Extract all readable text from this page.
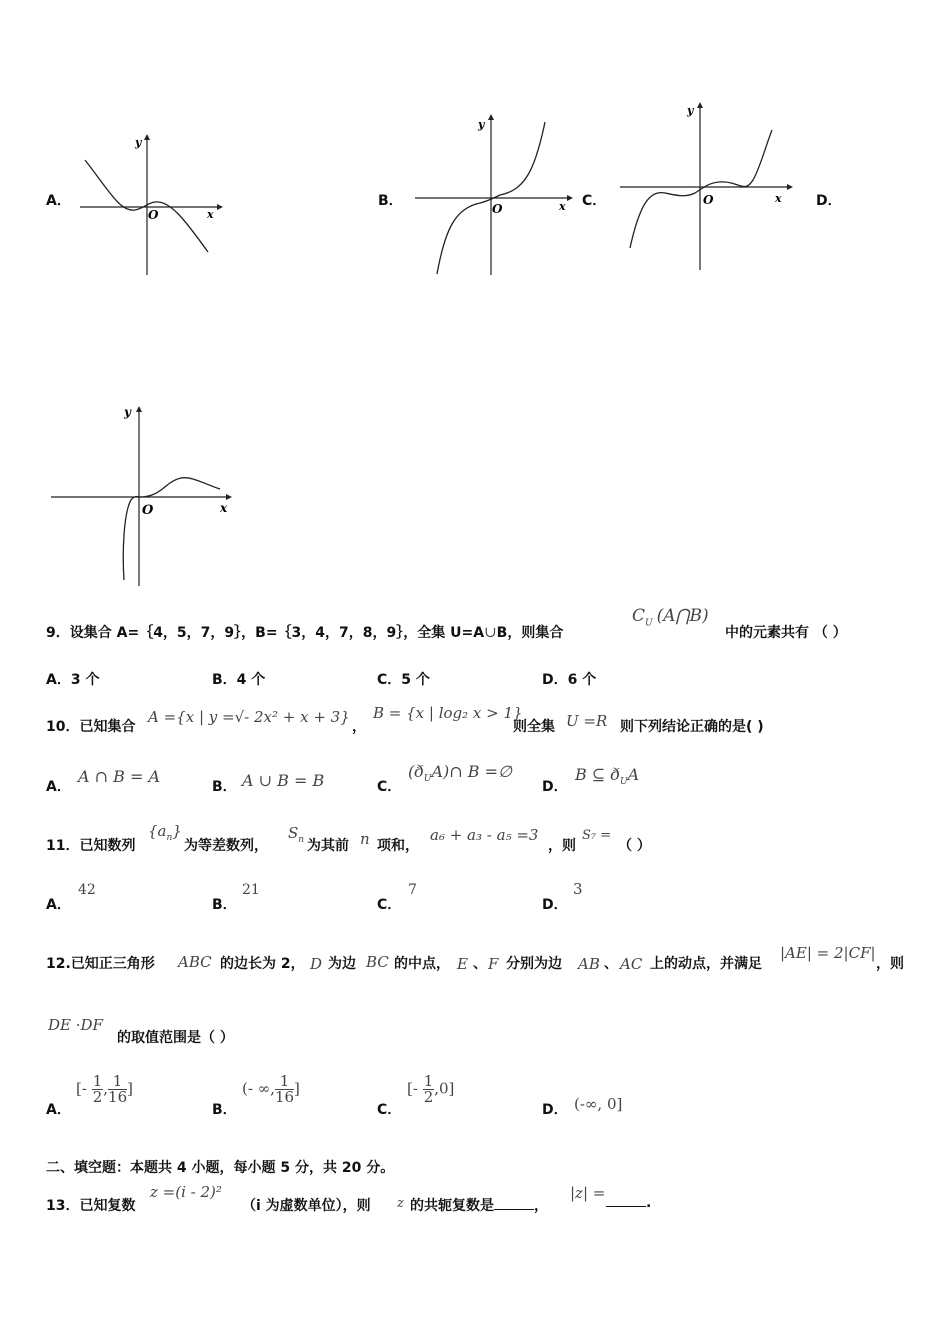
A．
y
x
O
B．
y
x
O	C．
y
x
O	D．
y
x
O
9．设集合 A=｛4，5，7，9｝，B=｛3，4，7，8，9｝，全集 U=A∪B，则集合
$C_U$ (A⋂B)
中的元素共有 （ ）
A．3 个	B．4 个	C．5 个	D．6 个
10．已知集合
A ={x | y =√- 2x² + x + 3}
，
B = {x | log₂ x > 1}
则全集 U =R 则下列结论正确的是( )
A．
A ∩ B = A
B． A ∪ B = B	C．
$(ð_UA)\cap$ B =∅
D．
B ⊆ $ð_UA$
11．已知数列
$\{a_n\}$
为等差数列，
$S_n$ 为其前 n 项和，
a₆ + a₃ - a₅ =3
，则
S₇ =
（ ）
A．
42
B．
21
C．
7
D．
3
12.已知正三角形 ABC 的边长为 2， D 为边 BC 的中点， E 、 F 分别为边 AB 、 AC 上的动点，并满足
|AE| = 2|CF|
，则
DE ·DF
的取值范围是（ ）
A．
[- $\frac{1}{2}$ , $\frac{1}{16}$ ]
B．
(- ∞, $\frac{1}{16}$ ]
C．
[- $\frac{1}{2} ,0$]
D． (-∞, 0]
二、填空题：本题共 4 小题，每小题 5 分，共 20 分。
13．已知复数
z =(i - 2)²
（i 为虚数单位），则 z 的共轭复数是	，
|z| =
.
